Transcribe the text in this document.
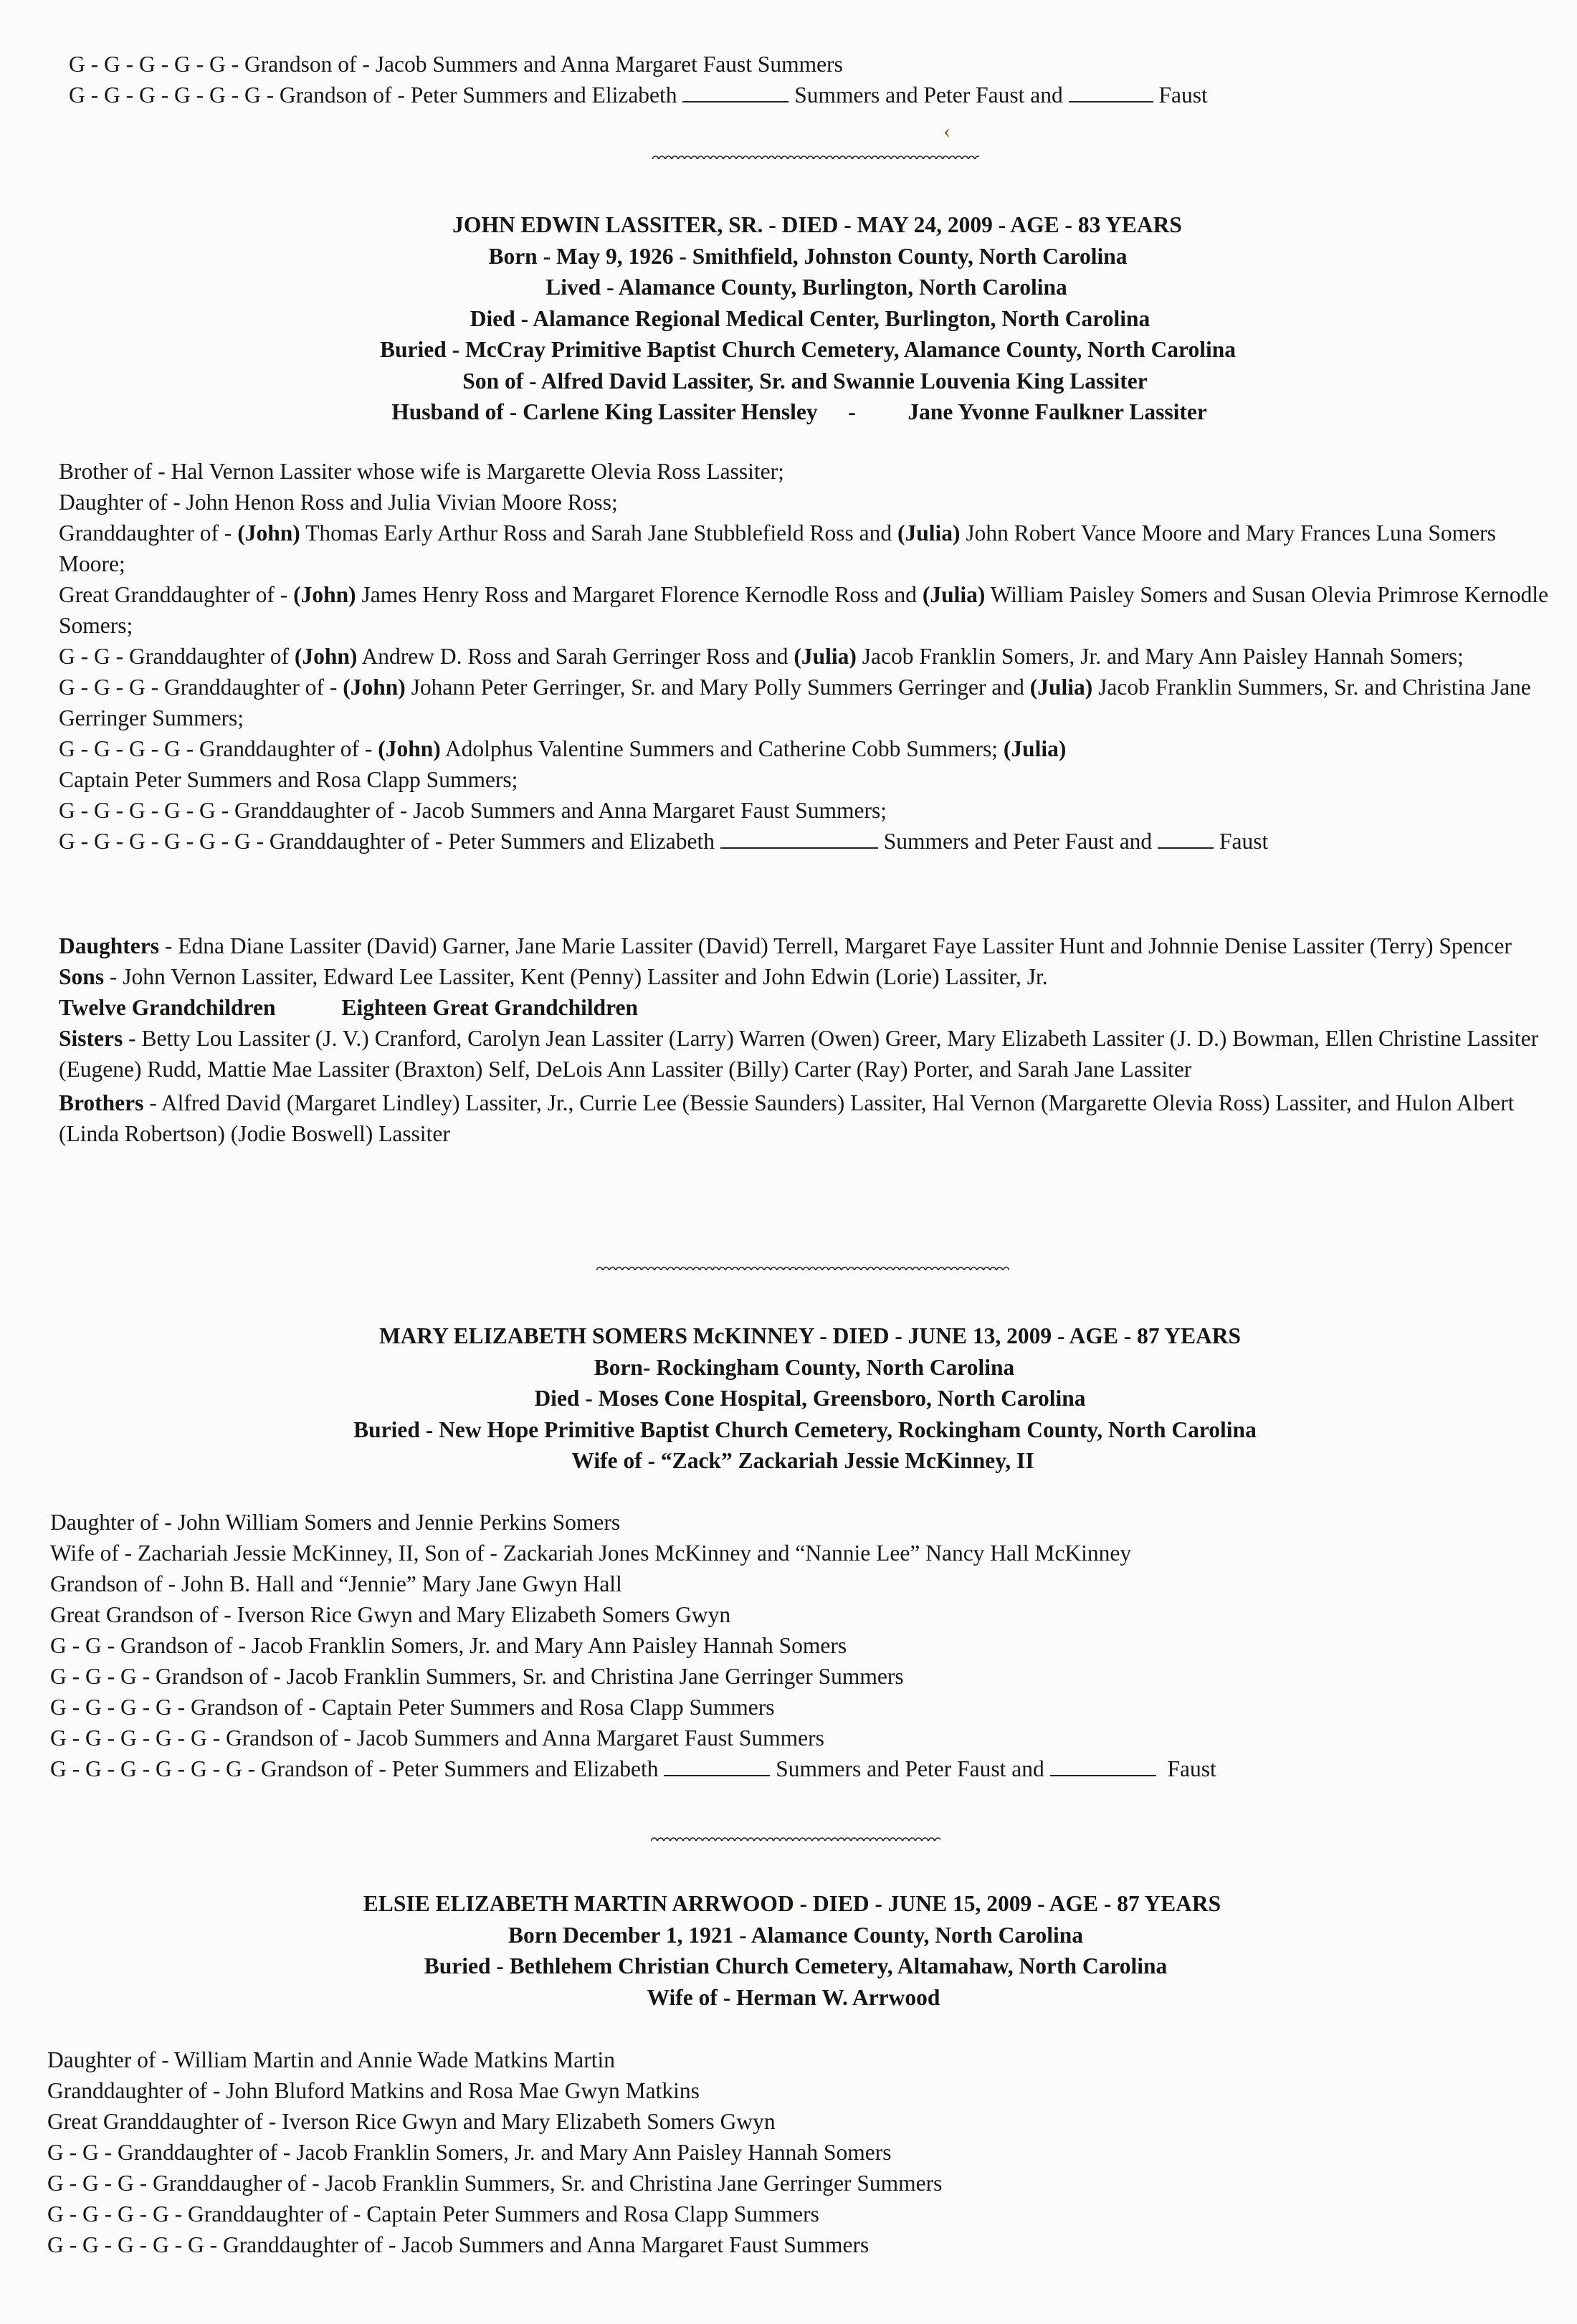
G - G - G - G - G - Grandson of - Jacob Summers and Anna Margaret Faust Summers

G - G - G - G - G - G - Grandson of - Peter Summers and Elizabeth	Summers and Peter Faust and	Faust

‹

JOHN EDWIN LASSITER, SR. - DIED - MAY 24, 2009 - AGE - 83 YEARS

Born - May 9, 1926 - Smithfield, Johnston County, North Carolina

Lived - Alamance County, Burlington, North Carolina

Died - Alamance Regional Medical Center, Burlington, North Carolina

Buried - McCray Primitive Baptist Church Cemetery, Alamance County, North Carolina

Son of - Alfred David Lassiter, Sr. and Swannie Louvenia King Lassiter

Husband of - Carlene King Lassiter Hensley - Jane Yvonne Faulkner Lassiter

Brother of - Hal Vernon Lassiter whose wife is Margarette Olevia Ross Lassiter;

Daughter of - John Henon Ross and Julia Vivian Moore Ross;

Granddaughter of - (John) Thomas Early Arthur Ross and Sarah Jane Stubblefield Ross and (Julia) John Robert Vance Moore and Mary Frances Luna Somers Moore;

Great Granddaughter of - (John) James Henry Ross and Margaret Florence Kernodle Ross and (Julia) William Paisley Somers and Susan Olevia Primrose Kernodle Somers;

G - G - Granddaughter of (John) Andrew D. Ross and Sarah Gerringer Ross and (Julia) Jacob Franklin Somers, Jr. and Mary Ann Paisley Hannah Somers;

G - G - G - Granddaughter of - (John) Johann Peter Gerringer, Sr. and Mary Polly Summers Gerringer and (Julia) Jacob Franklin Summers, Sr. and Christina Jane Gerringer Summers;

G - G - G - G - Granddaughter of - (John) Adolphus Valentine Summers and Catherine Cobb Summers; (Julia)

Captain Peter Summers and Rosa Clapp Summers;

G - G - G - G - G - Granddaughter of - Jacob Summers and Anna Margaret Faust Summers;

G - G - G - G - G - G - Granddaughter of - Peter Summers and Elizabeth	Summers and Peter Faust and	Faust

Daughters - Edna Diane Lassiter (David) Garner, Jane Marie Lassiter (David) Terrell, Margaret Faye Lassiter Hunt and Johnnie Denise Lassiter (Terry) Spencer

Sons - John Vernon Lassiter, Edward Lee Lassiter, Kent (Penny) Lassiter and John Edwin (Lorie) Lassiter, Jr.

Twelve Grandchildren	Eighteen Great Grandchildren

Sisters - Betty Lou Lassiter (J. V.) Cranford, Carolyn Jean Lassiter (Larry) Warren (Owen) Greer, Mary Elizabeth Lassiter (J. D.) Bowman, Ellen Christine Lassiter (Eugene) Rudd, Mattie Mae Lassiter (Braxton) Self, DeLois Ann Lassiter (Billy) Carter (Ray) Porter, and Sarah Jane Lassiter

Brothers - Alfred David (Margaret Lindley) Lassiter, Jr., Currie Lee (Bessie Saunders) Lassiter, Hal Vernon (Margarette Olevia Ross) Lassiter, and Hulon Albert (Linda Robertson) (Jodie Boswell) Lassiter

MARY ELIZABETH SOMERS McKINNEY - DIED - JUNE 13, 2009 - AGE - 87 YEARS

Born- Rockingham County, North Carolina

Died - Moses Cone Hospital, Greensboro, North Carolina

Buried - New Hope Primitive Baptist Church Cemetery, Rockingham County, North Carolina

Wife of - “Zack” Zackariah Jessie McKinney, II

Daughter of - John William Somers and Jennie Perkins Somers

Wife of - Zachariah Jessie McKinney, II, Son of - Zackariah Jones McKinney and “Nannie Lee” Nancy Hall McKinney

Grandson of - John B. Hall and “Jennie” Mary Jane Gwyn Hall

Great Grandson of - Iverson Rice Gwyn and Mary Elizabeth Somers Gwyn

G - G - Grandson of - Jacob Franklin Somers, Jr. and Mary Ann Paisley Hannah Somers

G - G - G - Grandson of - Jacob Franklin Summers, Sr. and Christina Jane Gerringer Summers

G - G - G - G - Grandson of - Captain Peter Summers and Rosa Clapp Summers

G - G - G - G - G - Grandson of - Jacob Summers and Anna Margaret Faust Summers

G - G - G - G - G - G - Grandson of - Peter Summers and Elizabeth	Summers and Peter Faust and	Faust

ELSIE ELIZABETH MARTIN ARRWOOD - DIED - JUNE 15, 2009 - AGE - 87 YEARS

Born December 1, 1921 - Alamance County, North Carolina

Buried - Bethlehem Christian Church Cemetery, Altamahaw, North Carolina

Wife of - Herman W. Arrwood

Daughter of - William Martin and Annie Wade Matkins Martin

Granddaughter of - John Bluford Matkins and Rosa Mae Gwyn Matkins

Great Granddaughter of - Iverson Rice Gwyn and Mary Elizabeth Somers Gwyn

G - G - Granddaughter of - Jacob Franklin Somers, Jr. and Mary Ann Paisley Hannah Somers

G - G - G - Granddaugher of - Jacob Franklin Summers, Sr. and Christina Jane Gerringer Summers

G - G - G - G - Granddaughter of - Captain Peter Summers and Rosa Clapp Summers

G - G - G - G - G - Granddaughter of - Jacob Summers and Anna Margaret Faust Summers
